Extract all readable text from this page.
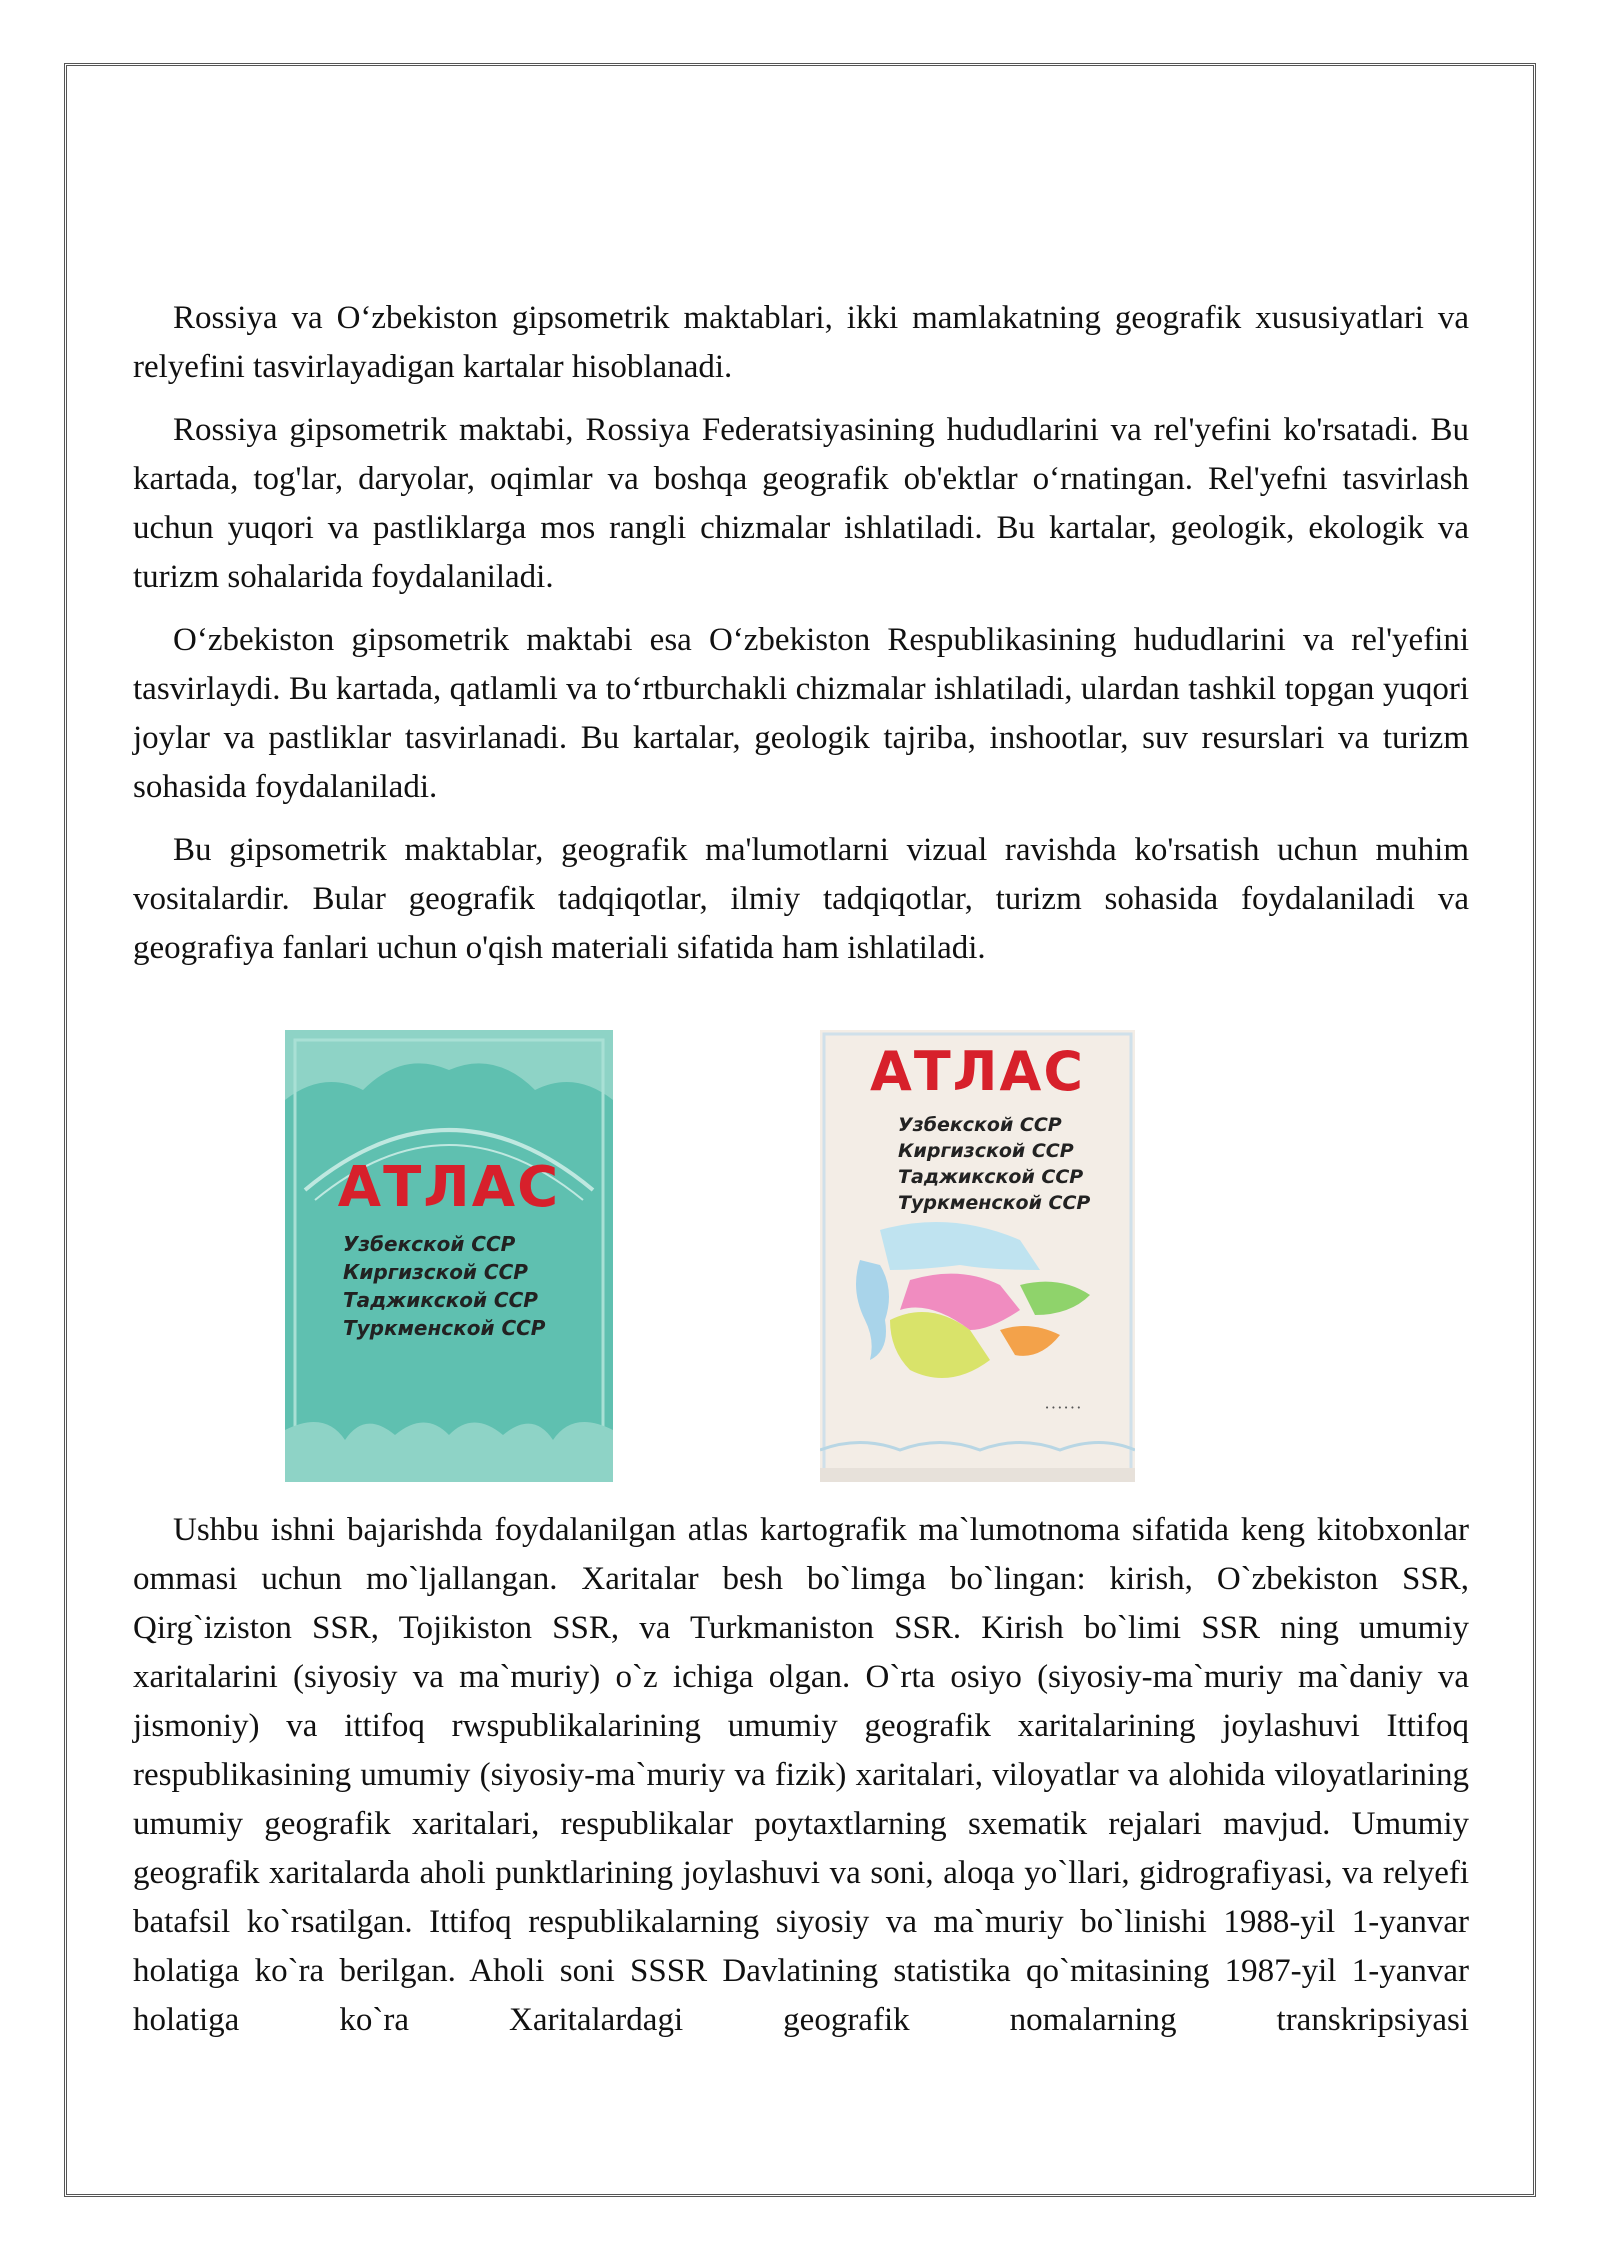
Rossiya va O‘zbekiston gipsometrik maktablari, ikki mamlakatning geografik xususiyatlari va relyefini tasvirlayadigan kartalar hisoblanadi.

Rossiya gipsometrik maktabi, Rossiya Federatsiyasining hududlarini va rel'yefini ko'rsatadi. Bu kartada, tog'lar, daryolar, oqimlar va boshqa geografik ob'ektlar o‘rnatingan. Rel'yefni tasvirlash uchun yuqori va pastliklarga mos rangli chizmalar ishlatiladi. Bu kartalar, geologik, ekologik va turizm sohalarida foydalaniladi.

O‘zbekiston gipsometrik maktabi esa O‘zbekiston Respublikasining hududlarini va rel'yefini tasvirlaydi. Bu kartada, qatlamli va to‘rtburchakli chizmalar ishlatiladi, ulardan tashkil topgan yuqori joylar va pastliklar tasvirlanadi. Bu kartalar, geologik tajriba, inshootlar, suv resurslari va turizm sohasida foydalaniladi.

Bu gipsometrik maktablar, geografik ma'lumotlarni vizual ravishda ko'rsatish uchun muhim vositalardir. Bular geografik tadqiqotlar, ilmiy tadqiqotlar, turizm sohasida foydalaniladi va geografiya fanlari uchun o'qish materiali sifatida ham ishlatiladi.

АТЛАС
Узбекской ССР
Киргизской ССР
Таджикской ССР
Туркменской ССР
• • • • • •
АТЛАС
Узбекской ССР
Киргизской ССР
Таджикской ССР
Туркменской ССР

Ushbu ishni bajarishda foydalanilgan atlas kartografik ma`lumotnoma sifatida keng kitobxonlar ommasi uchun mo`ljallangan. Xaritalar besh bo`limga bo`lingan: kirish, O`zbekiston SSR, Qirg`iziston SSR, Tojikiston SSR, va Turkmaniston SSR. Kirish bo`limi SSR ning umumiy xaritalarini (siyosiy va ma`muriy) o`z ichiga olgan. O`rta osiyo (siyosiy-ma`muriy ma`daniy va jismoniy) va ittifoq rwspublikalarining umumiy geografik xaritalarining joylashuvi Ittifoq respublikasining umumiy (siyosiy-ma`muriy va fizik) xaritalari, viloyatlar va alohida viloyatlarining umumiy geografik xaritalari, respublikalar poytaxtlarning sxematik rejalari mavjud. Umumiy geografik xaritalarda aholi punktlarining joylashuvi va soni, aloqa yo`llari, gidrografiyasi, va relyefi batafsil ko`rsatilgan. Ittifoq respublikalarning siyosiy va ma`muriy bo`linishi 1988-yil 1-yanvar holatiga ko`ra berilgan. Aholi soni SSSR Davlatining statistika qo`mitasining 1987-yil 1-yanvar holatiga ko`ra Xaritalardagi geografik nomalarning transkripsiyasi
